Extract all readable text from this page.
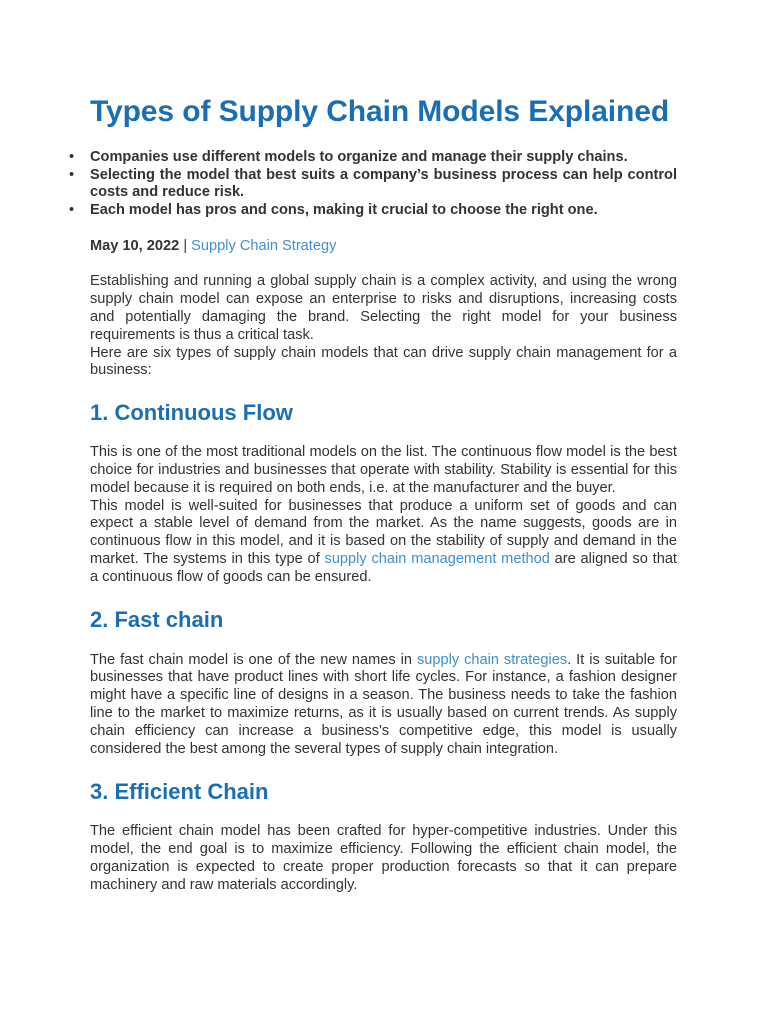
Types of Supply Chain Models Explained
• Companies use different models to organize and manage their supply chains.
• Selecting the model that best suits a company’s business process can help control costs and reduce risk.
• Each model has pros and cons, making it crucial to choose the right one.
May 10, 2022 | Supply Chain Strategy

Establishing and running a global supply chain is a complex activity, and using the wrong supply chain model can expose an enterprise to risks and disruptions, increasing costs and potentially damaging the brand. Selecting the right model for your business requirements is thus a critical task.

Here are six types of supply chain models that can drive supply chain management for a business:

1. Continuous Flow

This is one of the most traditional models on the list. The continuous flow model is the best choice for industries and businesses that operate with stability. Stability is essential for this model because it is required on both ends, i.e. at the manufacturer and the buyer.

This model is well-suited for businesses that produce a uniform set of goods and can expect a stable level of demand from the market. As the name suggests, goods are in continuous flow in this model, and it is based on the stability of supply and demand in the market. The systems in this type of supply chain management method are aligned so that a continuous flow of goods can be ensured.

2. Fast chain

The fast chain model is one of the new names in supply chain strategies. It is suitable for businesses that have product lines with short life cycles. For instance, a fashion designer might have a specific line of designs in a season. The business needs to take the fashion line to the market to maximize returns, as it is usually based on current trends. As supply chain efficiency can increase a business's competitive edge, this model is usually considered the best among the several types of supply chain integration.

3. Efficient Chain

The efficient chain model has been crafted for hyper-competitive industries. Under this model, the end goal is to maximize efficiency. Following the efficient chain model, the organization is expected to create proper production forecasts so that it can prepare machinery and raw materials accordingly.
